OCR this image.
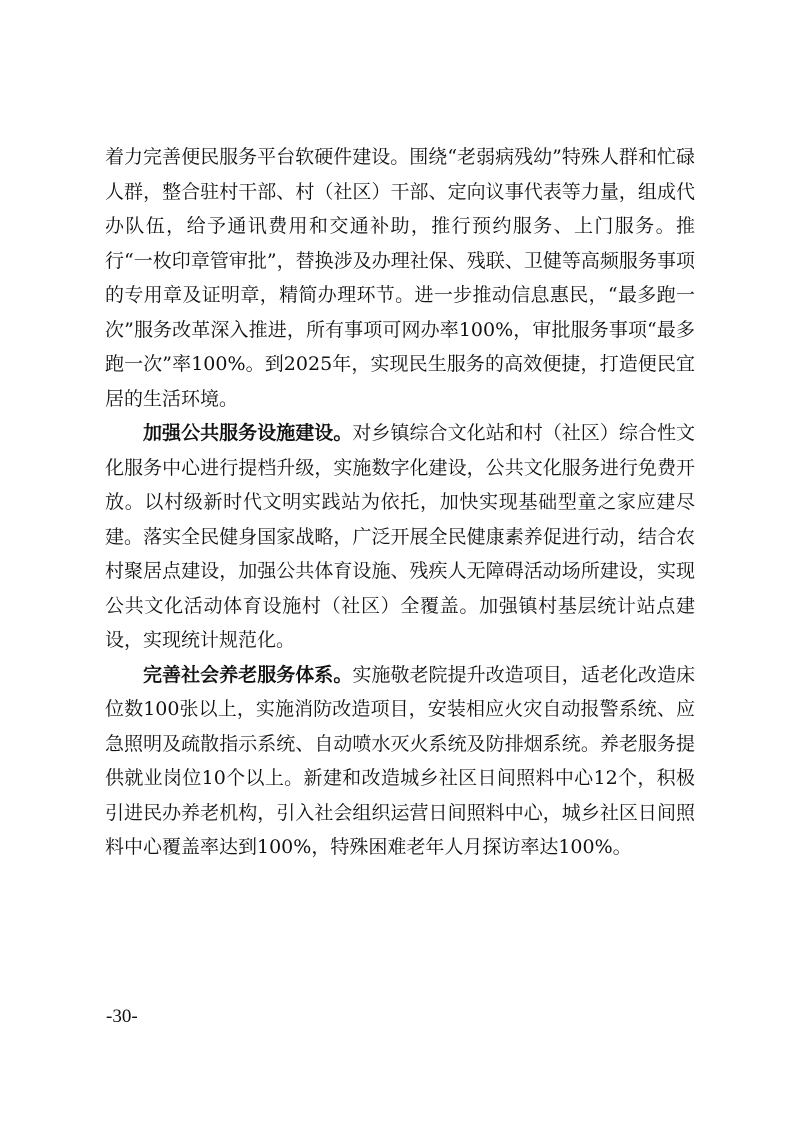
着力完善便民服务平台软硬件建设。围绕“老弱病残幼”特殊人群和忙碌人群，整合驻村干部、村（社区）干部、定向议事代表等力量，组成代办队伍，给予通讯费用和交通补助，推行预约服务、上门服务。推行“一枚印章管审批”，替换涉及办理社保、残联、卫健等高频服务事项的专用章及证明章，精简办理环节。进一步推动信息惠民，“最多跑一次”服务改革深入推进，所有事项可网办率100%，审批服务事项“最多跑一次”率100%。到2025年，实现民生服务的高效便捷，打造便民宜居的生活环境。

加强公共服务设施建设。对乡镇综合文化站和村（社区）综合性文化服务中心进行提档升级，实施数字化建设，公共文化服务进行免费开放。以村级新时代文明实践站为依托，加快实现基础型童之家应建尽建。落实全民健身国家战略，广泛开展全民健康素养促进行动，结合农村聚居点建设，加强公共体育设施、残疾人无障碍活动场所建设，实现公共文化活动体育设施村（社区）全覆盖。加强镇村基层统计站点建设，实现统计规范化。

完善社会养老服务体系。实施敬老院提升改造项目，适老化改造床位数100张以上，实施消防改造项目，安装相应火灾自动报警系统、应急照明及疏散指示系统、自动喷水灭火系统及防排烟系统。养老服务提供就业岗位10个以上。新建和改造城乡社区日间照料中心12个，积极引进民办养老机构，引入社会组织运营日间照料中心，城乡社区日间照料中心覆盖率达到100%，特殊困难老年人月探访率达100%。

-30-
